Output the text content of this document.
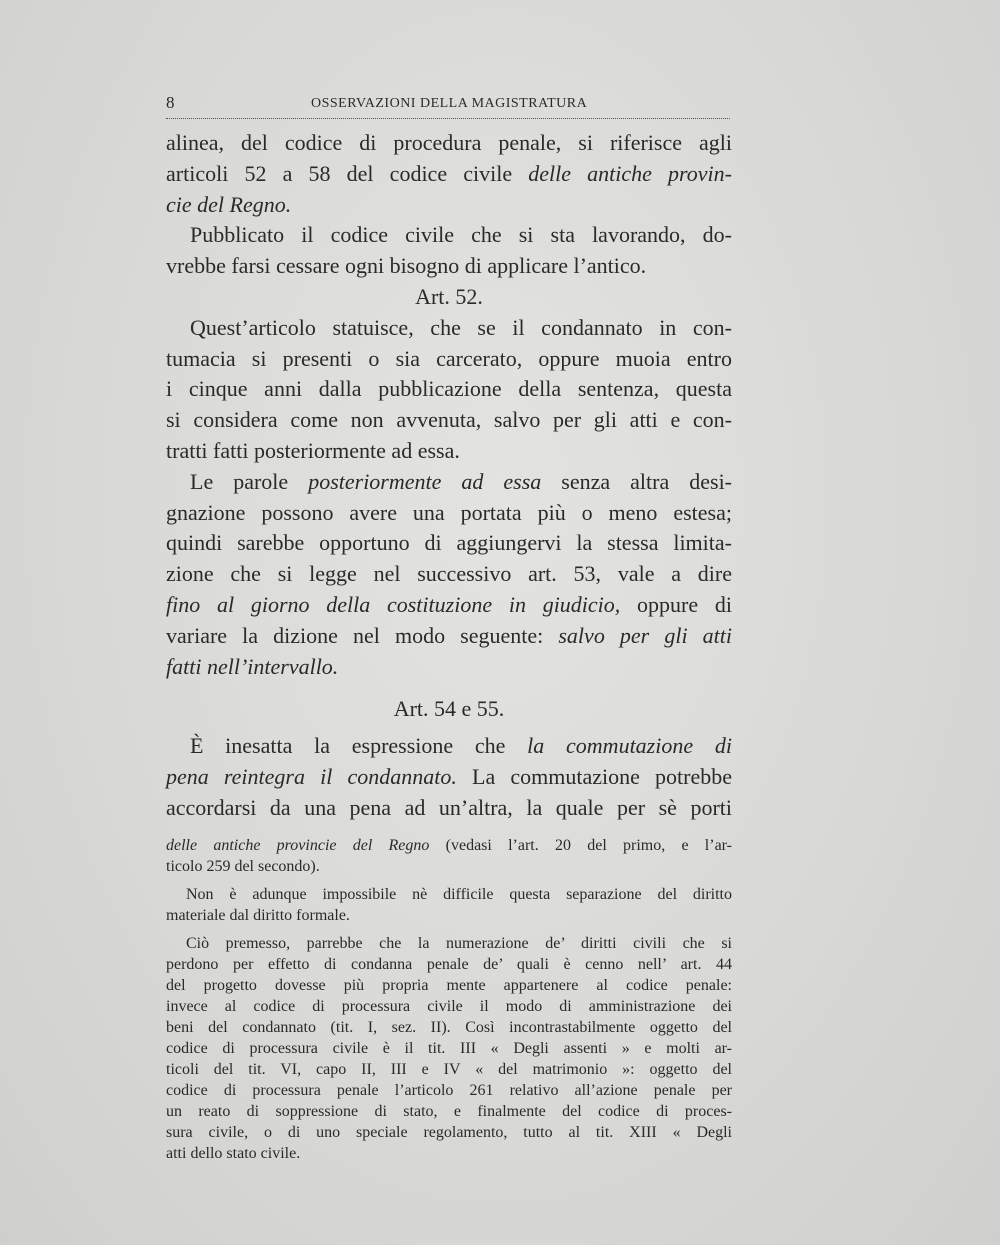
8	OSSERVAZIONI DELLA MAGISTRATURA
alinea, del codice di procedura penale, si riferisce agli
articoli 52 a 58 del codice civile delle antiche provin-
cie del Regno.
Pubblicato il codice civile che si sta lavorando, do-
vrebbe farsi cessare ogni bisogno di applicare l’antico.
Art. 52.
Quest’articolo statuisce, che se il condannato in con-
tumacia si presenti o sia carcerato, oppure muoia entro
i cinque anni dalla pubblicazione della sentenza, questa
si considera come non avvenuta, salvo per gli atti e con-
tratti fatti posteriormente ad essa.
Le parole posteriormente ad essa senza altra desi-
gnazione possono avere una portata più o meno estesa;
quindi sarebbe opportuno di aggiungervi la stessa limita-
zione che si legge nel successivo art. 53, vale a dire
fino al giorno della costituzione in giudicio, oppure di
variare la dizione nel modo seguente: salvo per gli atti
fatti nell’intervallo.
Art. 54 e 55.
È inesatta la espressione che la commutazione di
pena reintegra il condannato. La commutazione potrebbe
accordarsi da una pena ad un’altra, la quale per sè porti
delle antiche provincie del Regno (vedasi l’art. 20 del primo, e l’ar-
ticolo 259 del secondo).
Non è adunque impossibile nè difficile questa separazione del diritto
materiale dal diritto formale.
Ciò premesso, parrebbe che la numerazione de’ diritti civili che si
perdono per effetto di condanna penale de’ quali è cenno nell’ art. 44
del progetto dovesse più propria mente appartenere al codice penale:
invece al codice di processura civile il modo di amministrazione dei
beni del condannato (tit. I, sez. II). Così incontrastabilmente oggetto del
codice di processura civile è il tit. III « Degli assenti » e molti ar-
ticoli del tit. VI, capo II, III e IV « del matrimonio »: oggetto del
codice di processura penale l’articolo 261 relativo all’azione penale per
un reato di soppressione di stato, e finalmente del codice di proces-
sura civile, o di uno speciale regolamento, tutto al tit. XIII « Degli
atti dello stato civile.
